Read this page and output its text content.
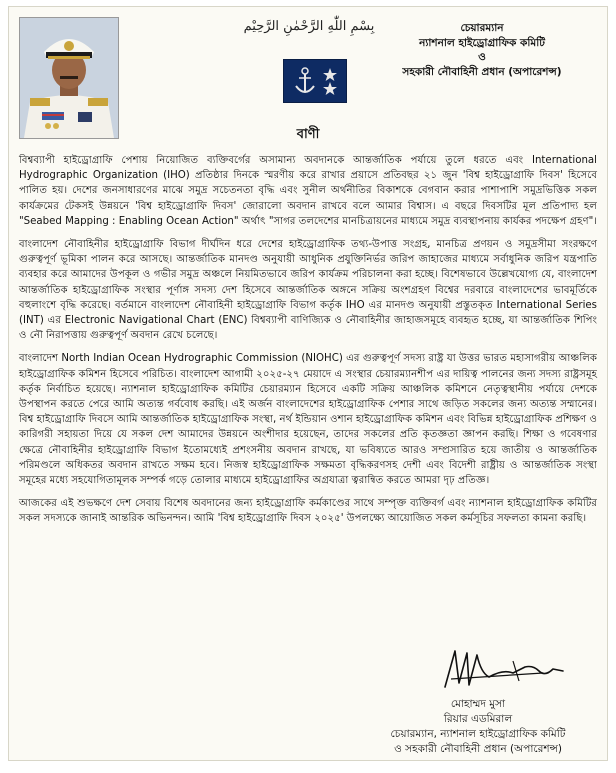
بِسْمِ اللّٰهِ الرَّحْمٰنِ الرَّحِيْم	চেয়ারম্যান
ন্যাশনাল হাইড্রোগ্রাফিক কমিটি
ও
সহকারী নৌবাহিনী প্রধান (অপারেশন্স)
বাণী

বিশ্বব্যাপী হাইড্রোগ্রাফি পেশায় নিয়োজিত ব্যক্তিবর্গের অসামান্য অবদানকে আন্তর্জাতিক পর্যায়ে তুলে ধরতে এবং International Hydrographic Organization (IHO) প্রতিষ্ঠার দিনকে স্মরণীয় করে রাখার প্রয়াসে প্রতিবছর ২১ জুন 'বিশ্ব হাইড্রোগ্রাফি দিবস' হিসেবে পালিত হয়। দেশের জনসাধারণের মাঝে সমুদ্র সচেতনতা বৃদ্ধি এবং সুনীল অর্থনীতির বিকাশকে বেগবান করার পাশাপাশি সমুদ্রভিত্তিক সকল কার্যক্রমের টেকসই উন্নয়নে 'বিশ্ব হাইড্রোগ্রাফি দিবস' জোরালো অবদান রাখবে বলে আমার বিশ্বাস। এ বছরে দিবসটির মূল প্রতিপাদ্য হল "Seabed Mapping : Enabling Ocean Action" অর্থাৎ "সাগর তলদেশের মানচিত্রায়নের মাধ্যমে সমুদ্র ব্যবস্থাপনায় কার্যকর পদক্ষেপ গ্রহণ"।

বাংলাদেশ নৌবাহিনীর হাইড্রোগ্রাফি বিভাগ দীর্ঘদিন ধরে দেশের হাইড্রোগ্রাফিক তথ্য-উপাত্ত সংগ্রহ, মানচিত্র প্রণয়ন ও সমুদ্রসীমা সংরক্ষণে গুরুত্বপূর্ণ ভূমিকা পালন করে আসছে। আন্তর্জাতিক মানদণ্ড অনুযায়ী আধুনিক প্রযুক্তিনির্ভর জরিপ জাহাজের মাধ্যমে সর্বাধুনিক জরিপ যন্ত্রপাতি ব্যবহার করে আমাদের উপকূল ও গভীর সমুদ্র অঞ্চলে নিয়মিতভাবে জরিপ কার্যক্রম পরিচালনা করা হচ্ছে। বিশেষভাবে উল্লেখযোগ্য যে, বাংলাদেশ আন্তর্জাতিক হাইড্রোগ্রাফিক সংস্থার পূর্ণাঙ্গ সদস্য দেশ হিসেবে আন্তর্জাতিক অঙ্গনে সক্রিয় অংশগ্রহণ বিশ্বের দরবারে বাংলাদেশের ভাবমূর্তিকে বহুলাংশে বৃদ্ধি করেছে। বর্তমানে বাংলাদেশ নৌবাহিনী হাইড্রোগ্রাফি বিভাগ কর্তৃক IHO এর মানদণ্ড অনুযায়ী প্রস্তুতকৃত International Series (INT) এর Electronic Navigational Chart (ENC) বিশ্বব্যাপী বাণিজ্যিক ও নৌবাহিনীর জাহাজসমূহে ব্যবহৃত হচ্ছে, যা আন্তর্জাতিক শিপিং ও নৌ নিরাপত্তায় গুরুত্বপূর্ণ অবদান রেখে চলেছে।

বাংলাদেশ North Indian Ocean Hydrographic Commission (NIOHC) এর গুরুত্বপূর্ণ সদস্য রাষ্ট্র যা উত্তর ভারত মহাসাগরীয় আঞ্চলিক হাইড্রোগ্রাফিক কমিশন হিসেবে পরিচিত। বাংলাদেশ আগামী ২০২৫-২৭ মেয়াদে এ সংস্থার চেয়ারম্যানশীপ এর দায়িত্ব পালনের জন্য সদস্য রাষ্ট্রসমূহ কর্তৃক নির্বাচিত হয়েছে। ন্যাশনাল হাইড্রোগ্রাফিক কমিটির চেয়ারম্যান হিসেবে একটি সক্রিয় আঞ্চলিক কমিশনে নেতৃত্বস্থানীয় পর্যায়ে দেশকে উপস্থাপন করতে পেরে আমি অত্যন্ত গর্ববোধ করছি। এই অর্জন বাংলাদেশের হাইড্রোগ্রাফিক পেশার সাথে জড়িত সকলের জন্য অত্যন্ত সম্মানের। বিশ্ব হাইড্রোগ্রাফি দিবসে আমি আন্তর্জাতিক হাইড্রোগ্রাফিক সংস্থা, নর্থ ইন্ডিয়ান ওশান হাইড্রোগ্রাফিক কমিশন এবং বিভিন্ন হাইড্রোগ্রাফিক প্রশিক্ষণ ও কারিগরী সহায়তা দিয়ে যে সকল দেশ আমাদের উন্নয়নে অংশীদার হয়েছেন, তাদের সকলের প্রতি কৃতজ্ঞতা জ্ঞাপন করছি। শিক্ষা ও গবেষণার ক্ষেত্রে নৌবাহিনীর হাইড্রোগ্রাফি বিভাগ ইতোমধ্যেই প্রশংসনীয় অবদান রাখছে, যা ভবিষ্যতে আরও সম্প্রসারিত হয়ে জাতীয় ও আন্তর্জাতিক পরিমণ্ডলে অধিকতর অবদান রাখতে সক্ষম হবে। নিজস্ব হাইড্রোগ্রাফিক সক্ষমতা বৃদ্ধিকরণসহ দেশী এবং বিদেশী রাষ্ট্রীয় ও আন্তর্জাতিক সংস্থা সমূহের মধ্যে সহযোগিতামূলক সম্পর্ক গড়ে তোলার মাধ্যমে হাইড্রোগ্রাফির অগ্রযাত্রা ত্বরান্বিত করতে আমরা দৃঢ় প্রতিজ্ঞ।

আজকের এই শুভক্ষণে দেশ সেবায় বিশেষ অবদানের জন্য হাইড্রোগ্রাফি কর্মকাণ্ডের সাথে সম্পৃক্ত ব্যক্তিবর্গ এবং ন্যাশনাল হাইড্রোগ্রাফিক কমিটির সকল সদস্যকে জানাই আন্তরিক অভিনন্দন। আমি 'বিশ্ব হাইড্রোগ্রাফি দিবস ২০২৫' উপলক্ষ্যে আয়োজিত সকল কর্মসূচির সফলতা কামনা করছি।

মোহাম্মদ মুসা
রিয়ার এডমিরাল
চেয়ারম্যান, ন্যাশনাল হাইড্রোগ্রাফিক কমিটি
ও সহকারী নৌবাহিনী প্রধান (অপারেশন্স)
